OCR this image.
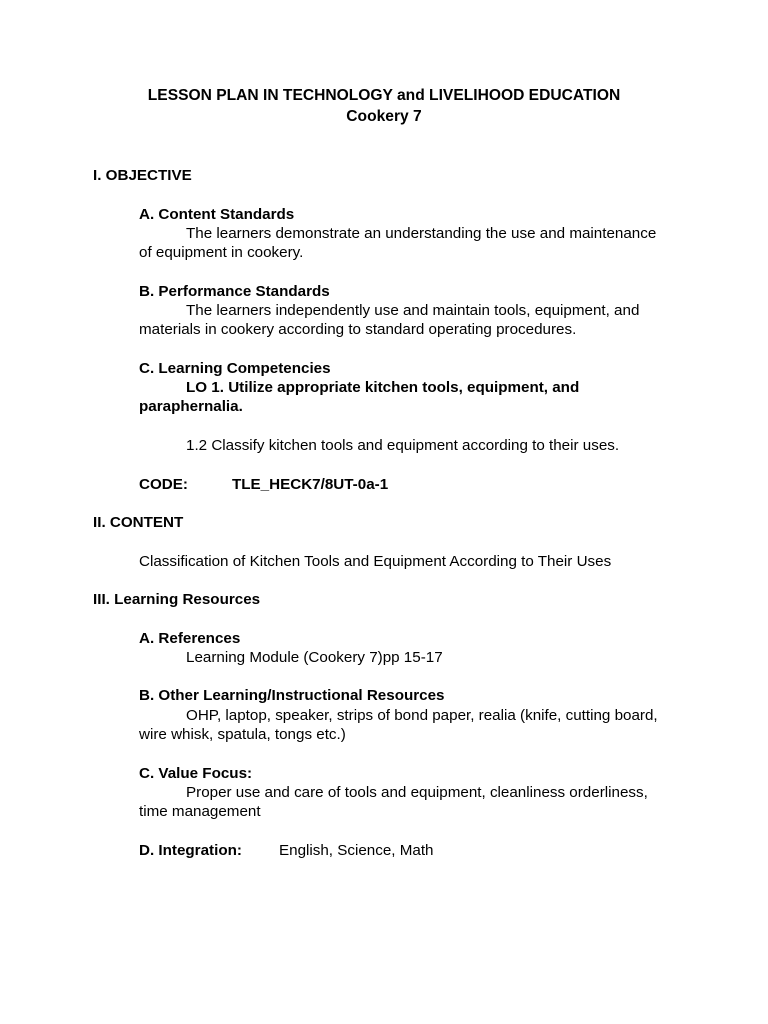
LESSON PLAN IN TECHNOLOGY and LIVELIHOOD EDUCATION
Cookery 7
I. OBJECTIVE
A. Content Standards
The learners demonstrate an understanding the use and maintenance
of equipment in cookery.
B. Performance Standards
The learners independently use and maintain tools, equipment, and
materials in cookery according to standard operating procedures.
C. Learning Competencies
LO 1. Utilize appropriate kitchen tools, equipment, and
paraphernalia.
1.2 Classify kitchen tools and equipment according to their uses.
CODE:	TLE_HECK7/8UT-0a-1
II. CONTENT
Classification of Kitchen Tools and Equipment According to Their Uses
III. Learning Resources
A. References
Learning Module (Cookery 7)pp 15-17
B. Other Learning/Instructional Resources
OHP, laptop, speaker, strips of bond paper, realia (knife, cutting board,
wire whisk, spatula, tongs etc.)
C. Value Focus:
Proper use and care of tools and equipment, cleanliness orderliness,
time management
D. Integration: English, Science, Math
